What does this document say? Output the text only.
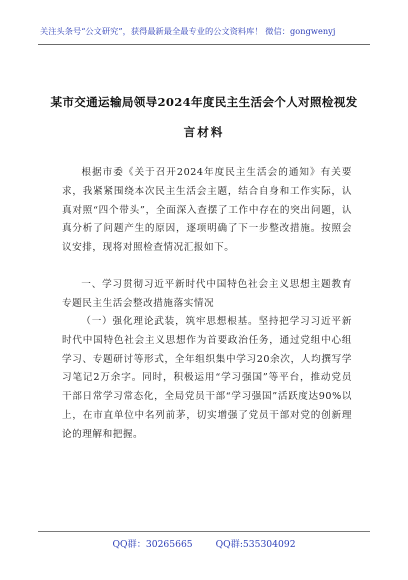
关注头条号“公文研究”，获得最新最全最专业的公文资料库！ 微信：gongwenyj
某市交通运输局领导2024年度民主生活会个人对照检视发
言材料

根据市委《关于召开2024年度民主生活会的通知》有关要求，我紧紧围绕本次民主生活会主题，结合自身和工作实际，认真对照“四个带头”，全面深入查摆了工作中存在的突出问题，认真分析了问题产生的原因，逐项明确了下一步整改措施。按照会议安排，现将对照检查情况汇报如下。

一、学习贯彻习近平新时代中国特色社会主义思想主题教育专题民主生活会整改措施落实情况

（一）强化理论武装，筑牢思想根基。坚持把学习习近平新时代中国特色社会主义思想作为首要政治任务，通过党组中心组学习、专题研讨等形式，全年组织集中学习20余次，人均撰写学习笔记2万余字。同时，积极运用“学习强国”等平台，推动党员干部日常学习常态化，全局党员干部“学习强国”活跃度达90%以上，在市直单位中名列前茅，切实增强了党员干部对党的创新理论的理解和把握。

QQ群：30265665 QQ群:535304092
